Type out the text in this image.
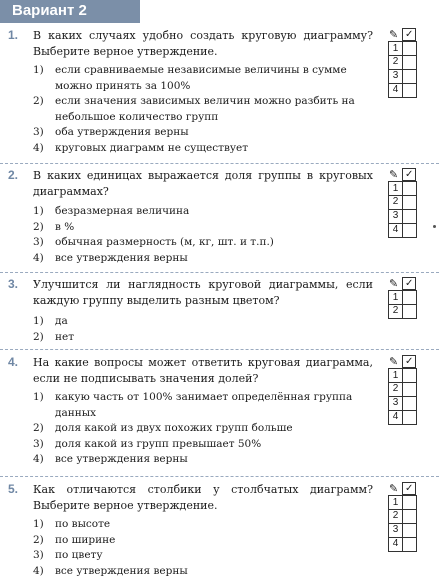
Вариант 2
1. В каких случаях удобно создать круговую диаграмму? Выберите верное утверждение.
1)	если сравниваемые независимые величины в сумме можно принять за 100%
2)	если значения зависимых величин можно разбить на небольшое количество групп
3)	оба утверждения верны
4)	круговых диаграмм не существует
✎ ✓
1
2
3
4
2. В каких единицах выражается доля группы в круговых диаграммах?
1)	безразмерная величина
2)	в %
3)	обычная размерность (м, кг, шт. и т.п.)
4)	все утверждения верны
✎ ✓
1
2
3
4
3. Улучшится ли наглядность круговой диаграммы, если каждую группу выделить разным цветом?
1)	да
2)	нет
✎ ✓
1
2
4. На какие вопросы может ответить круговая диаграмма, если не подписывать значения долей?
1)	какую часть от 100% занимает определённая группа данных
2)	доля какой из двух похожих групп больше
3)	доля какой из групп превышает 50%
4)	все утверждения верны
✎ ✓
1
2
3
4
5. Как отличаются столбики у столбчатых диаграмм? Выберите верное утверждение.
1)	по высоте
2)	по ширине
3)	по цвету
4)	все утверждения верны
✎ ✓
1
2
3
4
